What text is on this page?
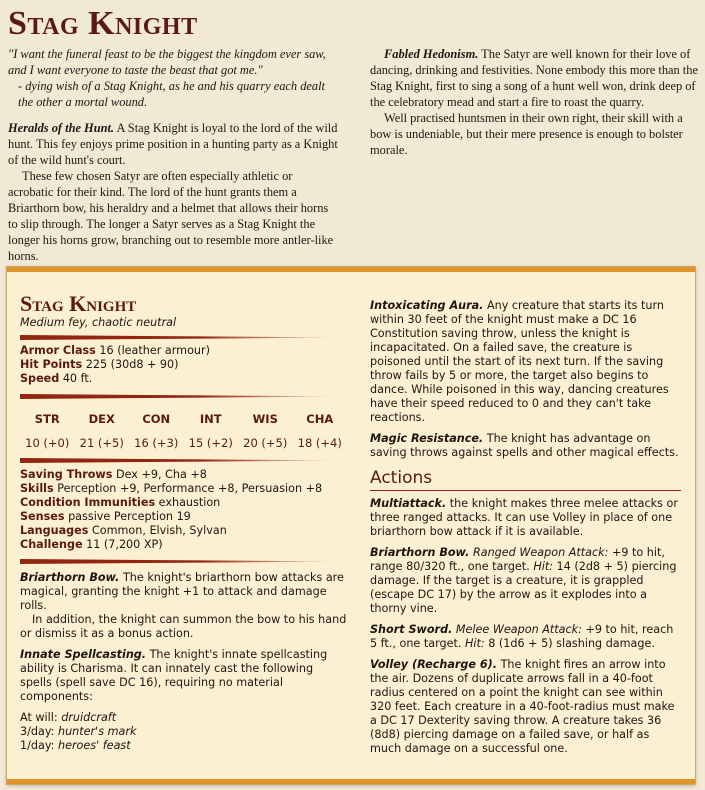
Stag Knight

"I want the funeral feast to be the biggest the kingdom ever saw, and I want everyone to taste the beast that got me."

- dying wish of a Stag Knight, as he and his quarry each dealt the other a mortal wound.

Heralds of the Hunt. A Stag Knight is loyal to the lord of the wild hunt. This fey enjoys prime position in a hunting party as a Knight of the wild hunt's court.

These few chosen Satyr are often especially athletic or acrobatic for their kind. The lord of the hunt grants them a Briarthorn bow, his heraldry and a helmet that allows their horns to slip through. The longer a Satyr serves as a Stag Knight the longer his horns grow, branching out to resemble more antler-like horns.

Fabled Hedonism. The Satyr are well known for their love of dancing, drinking and festivities. None embody this more than the Stag Knight, first to sing a song of a hunt well won, drink deep of the celebratory mead and start a fire to roast the quarry.

Well practised huntsmen in their own right, their skill with a bow is undeniable, but their mere presence is enough to bolster morale.

Stag Knight
Medium fey, chaotic neutral

Armor Class 16 (leather armour)

Hit Points 225 (30d8 + 90)

Speed 40 ft.

STR	DEX	CON	INT	WIS	CHA
10 (+0) 21 (+5) 16 (+3) 15 (+2) 20 (+5) 18 (+4)

Saving Throws Dex +9, Cha +8

Skills Perception +9, Performance +8, Persuasion +8

Condition Immunities exhaustion

Senses passive Perception 19

Languages Common, Elvish, Sylvan

Challenge 11 (7,200 XP)

Briarthorn Bow. The knight's briarthorn bow attacks are magical, granting the knight +1 to attack and damage rolls.

In addition, the knight can summon the bow to his hand or dismiss it as a bonus action.

Innate Spellcasting. The knight's innate spellcasting ability is Charisma. It can innately cast the following spells (spell save DC 16), requiring no material components:

At will: druidcraft

3/day: hunter's mark

1/day: heroes' feast

Intoxicating Aura. Any creature that starts its turn within 30 feet of the knight must make a DC 16 Constitution saving throw, unless the knight is incapacitated. On a failed save, the creature is poisoned until the start of its next turn. If the saving throw fails by 5 or more, the target also begins to dance. While poisoned in this way, dancing creatures have their speed reduced to 0 and they can't take reactions.

Magic Resistance. The knight has advantage on saving throws against spells and other magical effects.

Actions

Multiattack. the knight makes three melee attacks or three ranged attacks. It can use Volley in place of one briarthorn bow attack if it is available.

Briarthorn Bow. Ranged Weapon Attack: +9 to hit, range 80/320 ft., one target. Hit: 14 (2d8 + 5) piercing damage. If the target is a creature, it is grappled (escape DC 17) by the arrow as it explodes into a thorny vine.

Short Sword. Melee Weapon Attack: +9 to hit, reach 5 ft., one target. Hit: 8 (1d6 + 5) slashing damage.

Volley (Recharge 6). The knight fires an arrow into the air. Dozens of duplicate arrows fall in a 40-foot radius centered on a point the knight can see within 320 feet. Each creature in a 40-foot-radius must make a DC 17 Dexterity saving throw. A creature takes 36 (8d8) piercing damage on a failed save, or half as much damage on a successful one.
